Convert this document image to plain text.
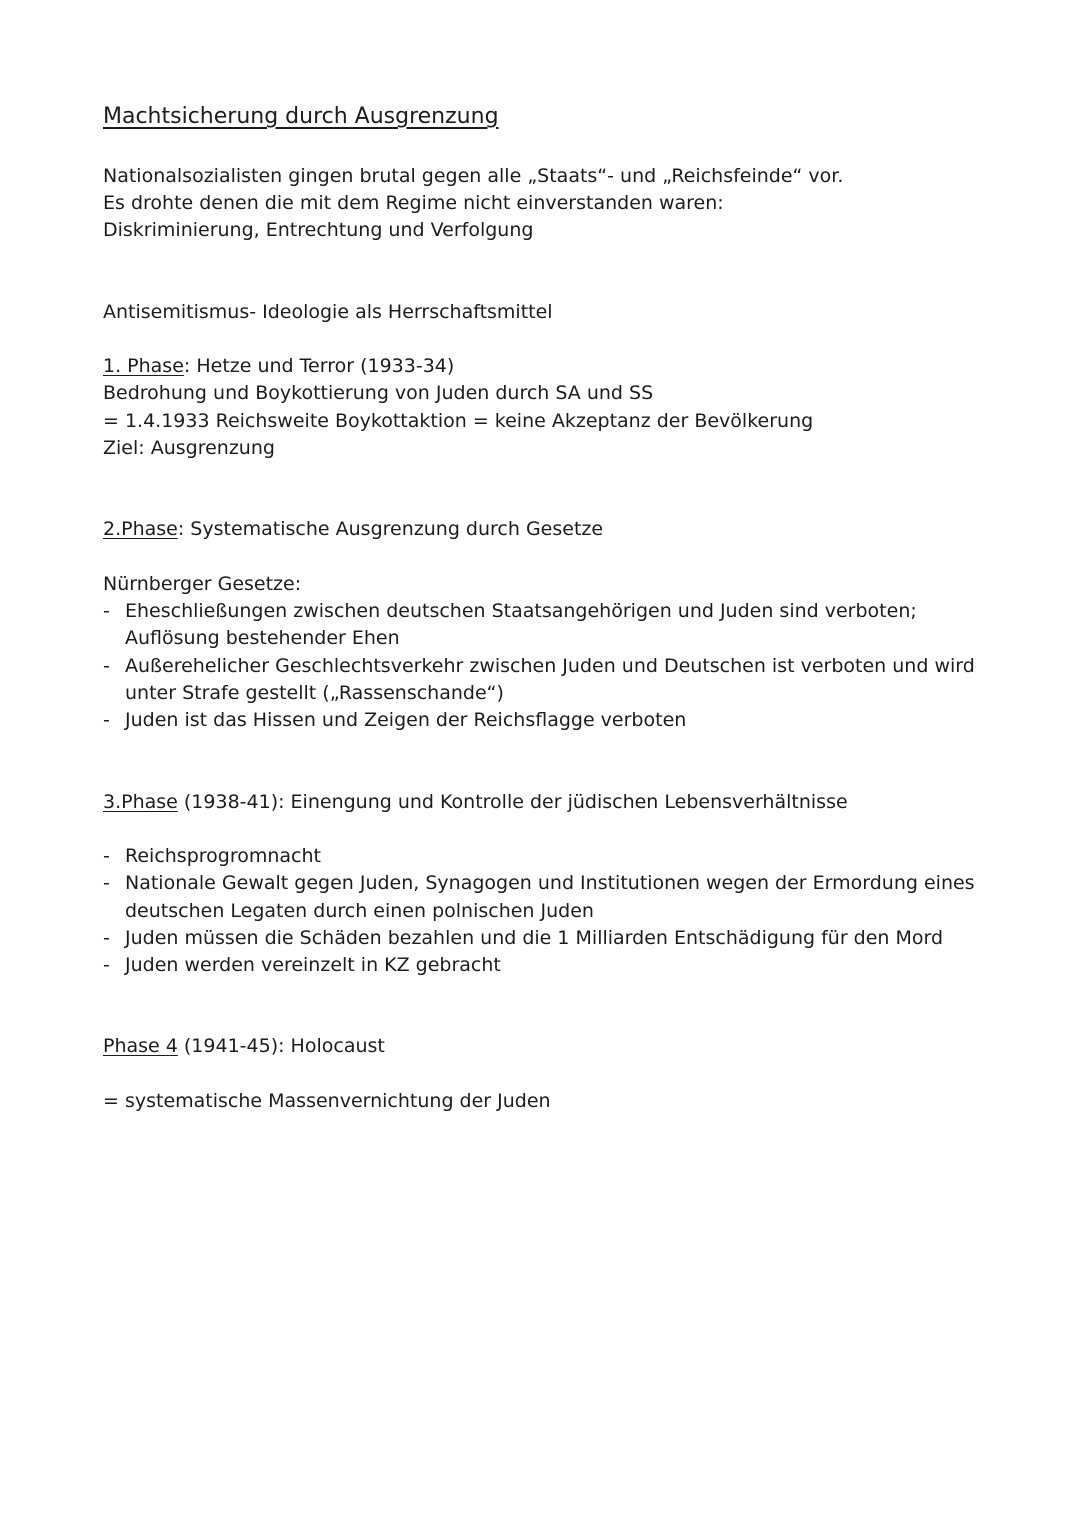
Machtsicherung durch Ausgrenzung
Nationalsozialisten gingen brutal gegen alle „Staats“- und „Reichsfeinde“ vor.
Es drohte denen die mit dem Regime nicht einverstanden waren:
Diskriminierung, Entrechtung und Verfolgung
Antisemitismus- Ideologie als Herrschaftsmittel
1. Phase: Hetze und Terror (1933-34)
Bedrohung und Boykottierung von Juden durch SA und SS
= 1.4.1933 Reichsweite Boykottaktion = keine Akzeptanz der Bevölkerung
Ziel: Ausgrenzung
2.Phase: Systematische Ausgrenzung durch Gesetze
Nürnberger Gesetze:
- Eheschließungen zwischen deutschen Staatsangehörigen und Juden sind verboten;
Auflösung bestehender Ehen
- Außerehelicher Geschlechtsverkehr zwischen Juden und Deutschen ist verboten und wird
unter Strafe gestellt („Rassenschande“)
- Juden ist das Hissen und Zeigen der Reichsflagge verboten
3.Phase (1938-41): Einengung und Kontrolle der jüdischen Lebensverhältnisse
- Reichsprogromnacht
- Nationale Gewalt gegen Juden, Synagogen und Institutionen wegen der Ermordung eines
deutschen Legaten durch einen polnischen Juden
- Juden müssen die Schäden bezahlen und die 1 Milliarden Entschädigung für den Mord
- Juden werden vereinzelt in KZ gebracht
Phase 4 (1941-45): Holocaust
= systematische Massenvernichtung der Juden
